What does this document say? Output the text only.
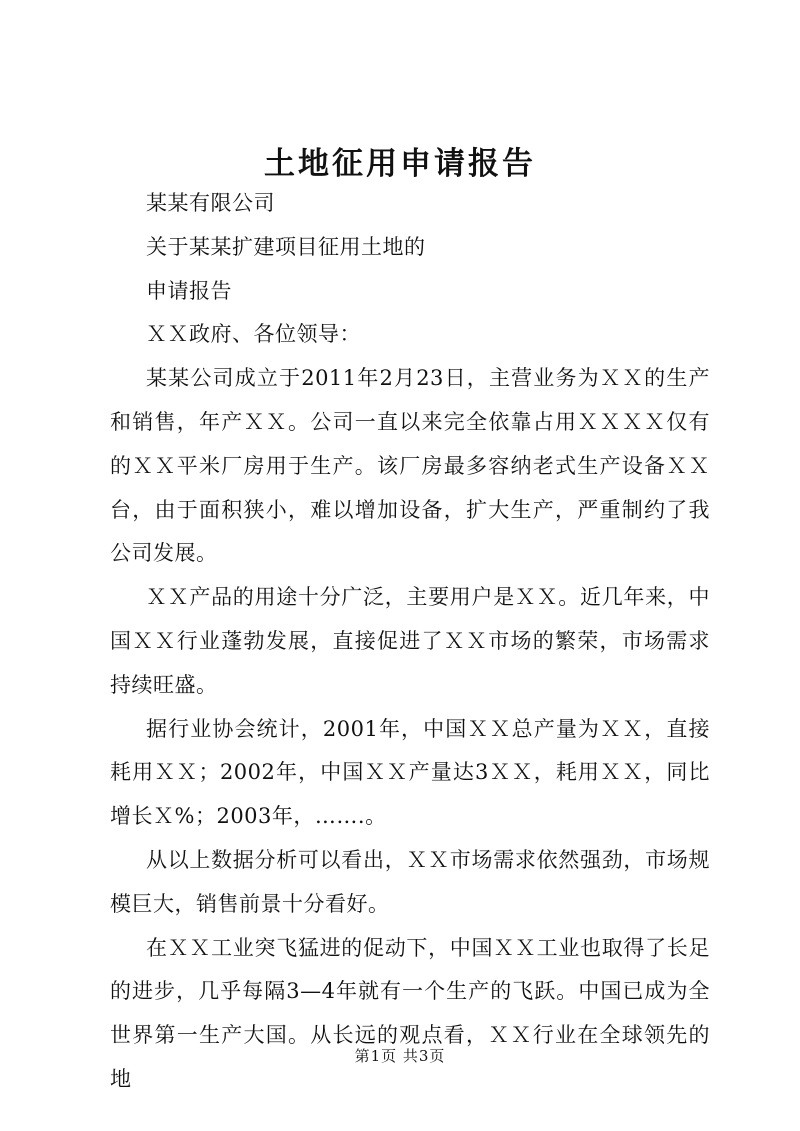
土地征用申请报告

某某有限公司

关于某某扩建项目征用土地的

申请报告

ＸＸ政府、各位领导：

某某公司成立于2011年2月23日，主营业务为ＸＸ的生产和销售，年产ＸＸ。公司一直以来完全依靠占用ＸＸＸＸ仅有的ＸＸ平米厂房用于生产。该厂房最多容纳老式生产设备ＸＸ台，由于面积狭小，难以增加设备，扩大生产，严重制约了我公司发展。

ＸＸ产品的用途十分广泛，主要用户是ＸＸ。近几年来，中国ＸＸ行业蓬勃发展，直接促进了ＸＸ市场的繁荣，市场需求持续旺盛。

据行业协会统计，2001年，中国ＸＸ总产量为ＸＸ，直接耗用ＸＸ；2002年，中国ＸＸ产量达3ＸＸ，耗用ＸＸ，同比增长Ｘ%；2003年，…….。

从以上数据分析可以看出，ＸＸ市场需求依然强劲，市场规模巨大，销售前景十分看好。

在ＸＸ工业突飞猛进的促动下，中国ＸＸ工业也取得了长足的进步，几乎每隔3—4年就有一个生产的飞跃。中国已成为全世界第一生产大国。从长远的观点看，ＸＸ行业在全球领先的地

第1页 共3页
